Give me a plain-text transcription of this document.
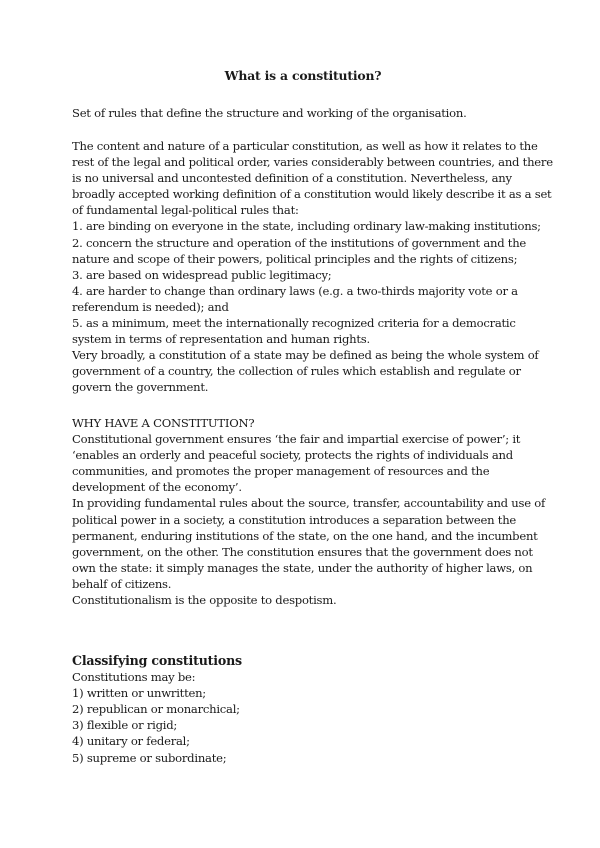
What is a constitution?
Set of rules that define the structure and working of the organisation.
The content and nature of a particular constitution, as well as how it relates to the
rest of the legal and political order, varies considerably between countries, and there
is no universal and uncontested definition of a constitution. Nevertheless, any
broadly accepted working definition of a constitution would likely describe it as a set
of fundamental legal-political rules that:
1. are binding on everyone in the state, including ordinary law-making institutions;
2. concern the structure and operation of the institutions of government and the
nature and scope of their powers, political principles and the rights of citizens;
3. are based on widespread public legitimacy;
4. are harder to change than ordinary laws (e.g. a two-thirds majority vote or a
referendum is needed); and
5. as a minimum, meet the internationally recognized criteria for a democratic
system in terms of representation and human rights.
Very broadly, a constitution of a state may be defined as being the whole system of
government of a country, the collection of rules which establish and regulate or
govern the government.
WHY HAVE A CONSTITUTION?
Constitutional government ensures ‘the fair and impartial exercise of power’; it
‘enables an orderly and peaceful society, protects the rights of individuals and
communities, and promotes the proper management of resources and the
development of the economy’.
In providing fundamental rules about the source, transfer, accountability and use of
political power in a society, a constitution introduces a separation between the
permanent, enduring institutions of the state, on the one hand, and the incumbent
government, on the other. The constitution ensures that the government does not
own the state: it simply manages the state, under the authority of higher laws, on
behalf of citizens.
Constitutionalism is the opposite to despotism.
Classifying constitutions
Constitutions may be:
1) written or unwritten;
2) republican or monarchical;
3) flexible or rigid;
4) unitary or federal;
5) supreme or subordinate;
